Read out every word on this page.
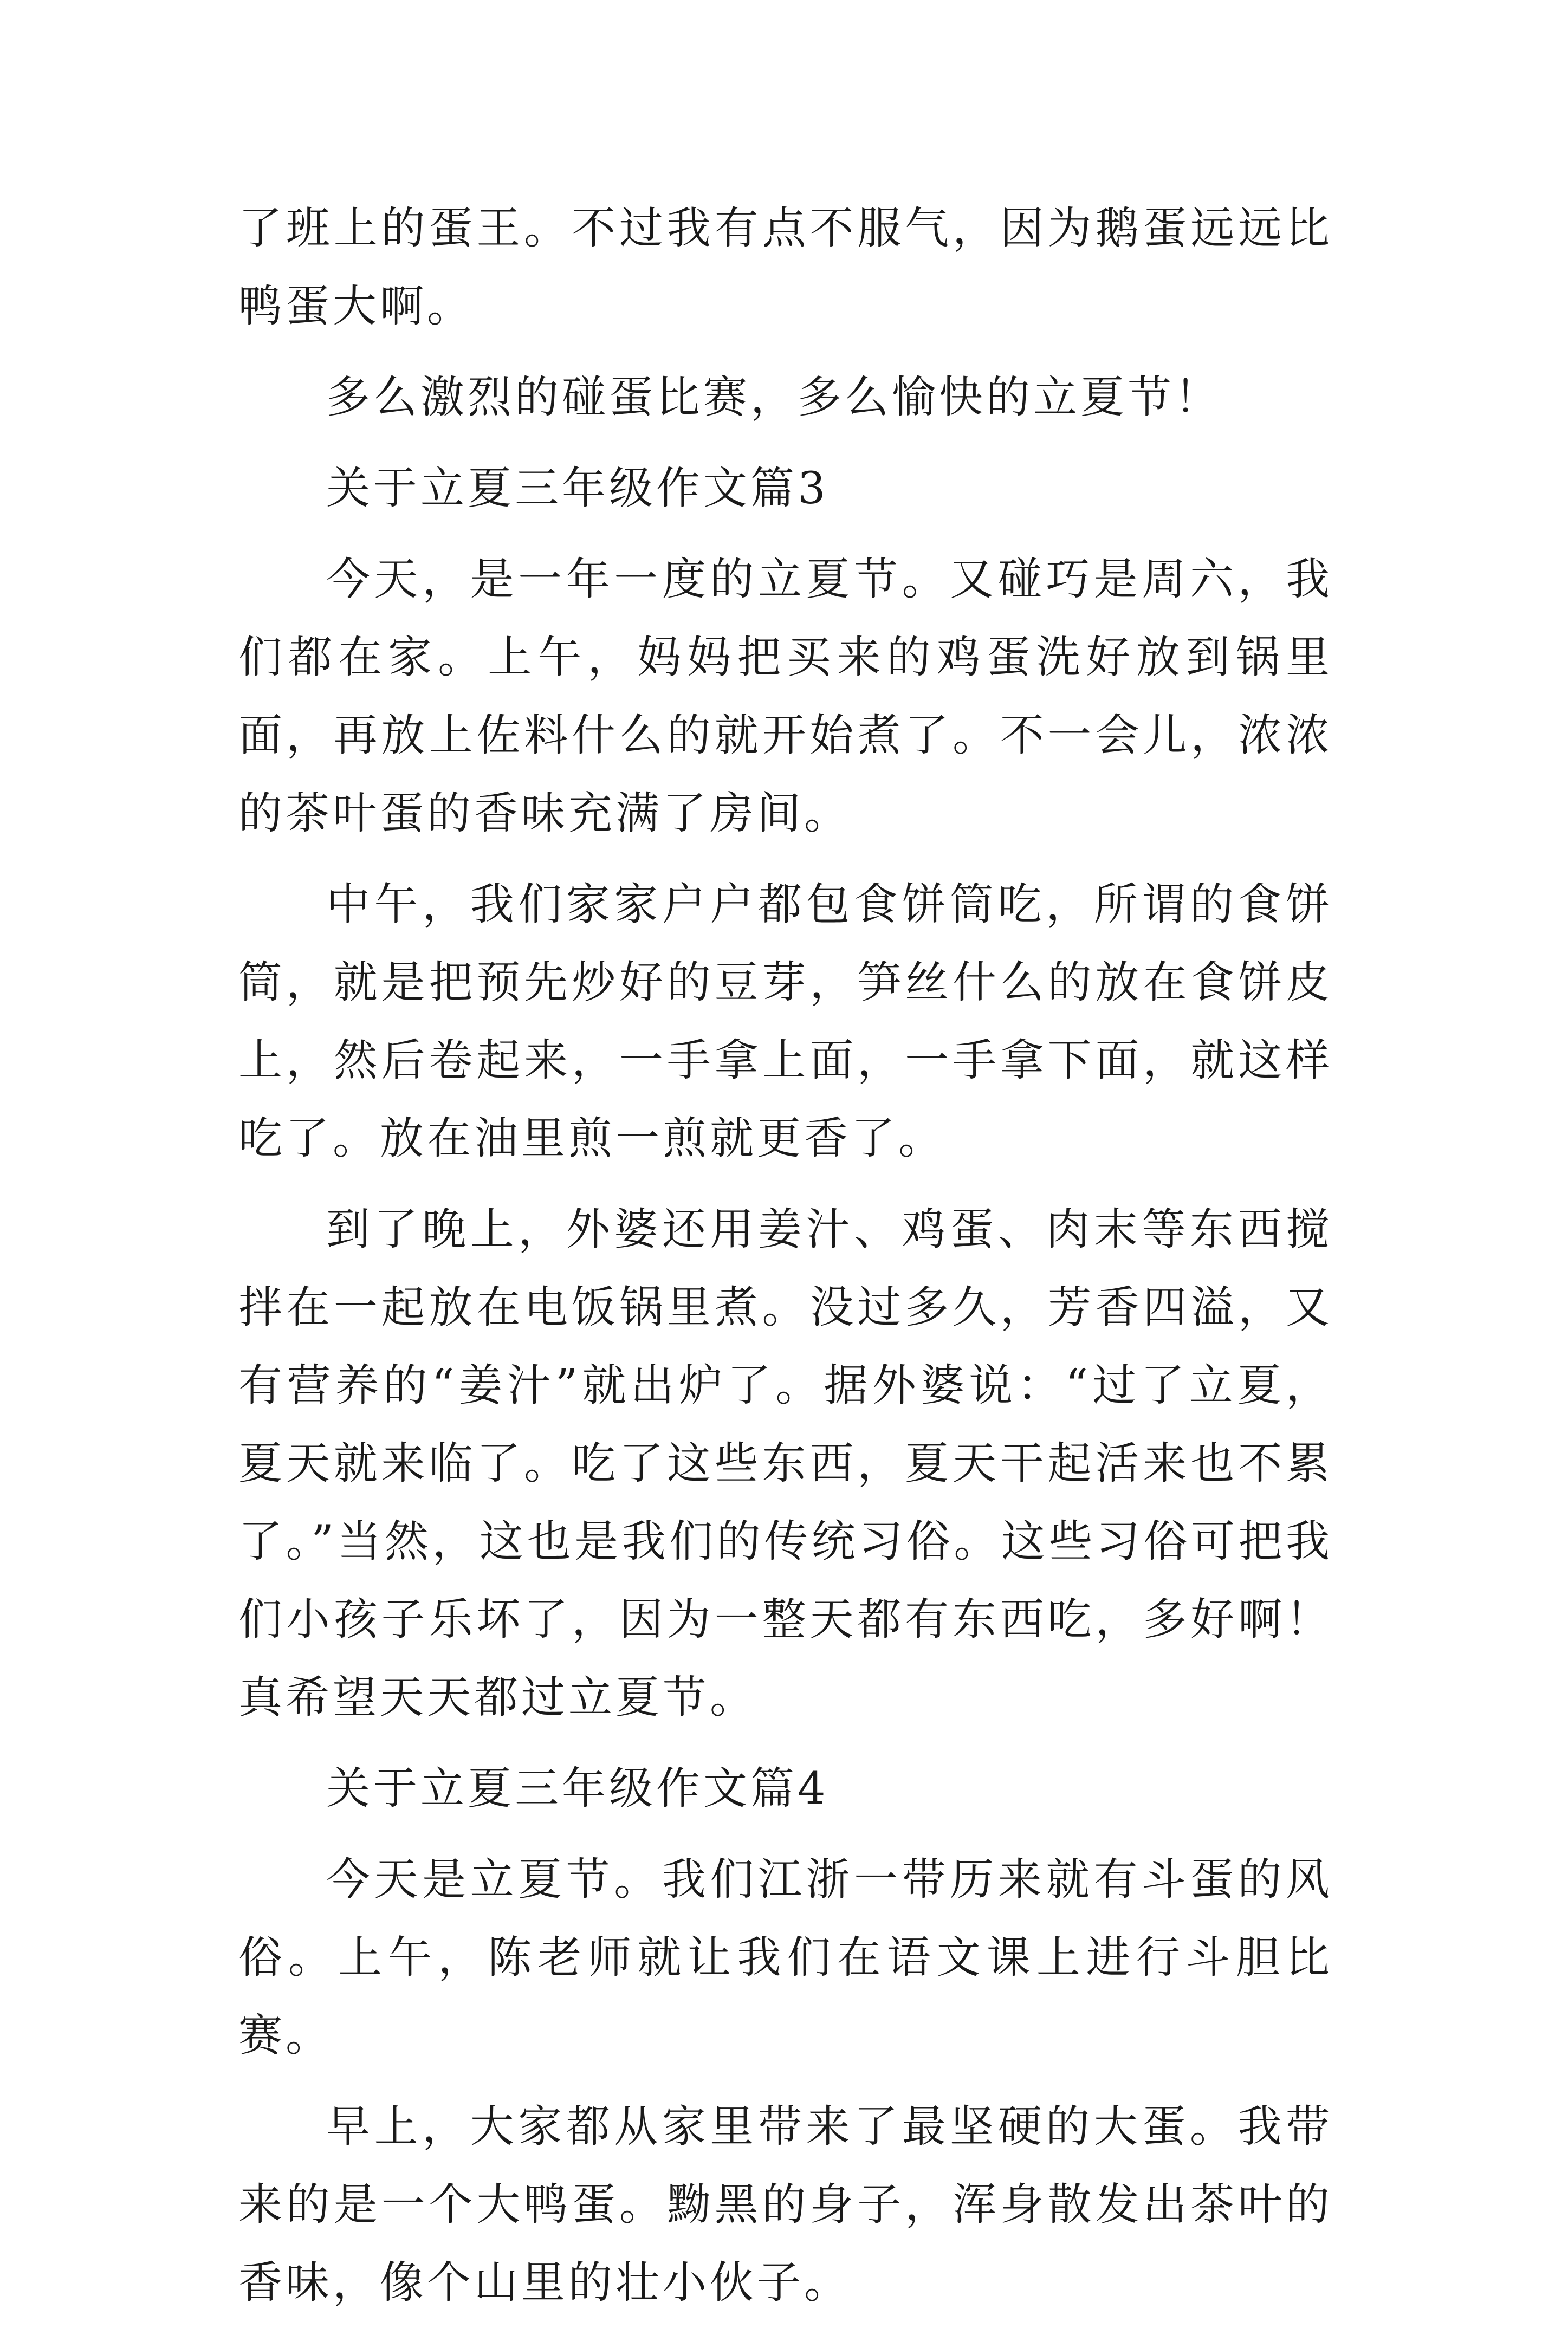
了班上的蛋王。不过我有点不服气，因为鹅蛋远远比鸭蛋大啊。

多么激烈的碰蛋比赛，多么愉快的立夏节！

关于立夏三年级作文篇3

今天，是一年一度的立夏节。又碰巧是周六，我们都在家。上午，妈妈把买来的鸡蛋洗好放到锅里面，再放上佐料什么的就开始煮了。不一会儿，浓浓的茶叶蛋的香味充满了房间。

中午，我们家家户户都包食饼筒吃，所谓的食饼筒，就是把预先炒好的豆芽，笋丝什么的放在食饼皮上，然后卷起来，一手拿上面，一手拿下面，就这样吃了。放在油里煎一煎就更香了。

到了晚上，外婆还用姜汁、鸡蛋、肉末等东西搅拌在一起放在电饭锅里煮。没过多久，芳香四溢，又有营养的“姜汁”就出炉了。据外婆说：“过了立夏，夏天就来临了。吃了这些东西，夏天干起活来也不累了。”当然，这也是我们的传统习俗。这些习俗可把我们小孩子乐坏了，因为一整天都有东西吃，多好啊！真希望天天都过立夏节。

关于立夏三年级作文篇4

今天是立夏节。我们江浙一带历来就有斗蛋的风俗。上午，陈老师就让我们在语文课上进行斗胆比赛。

早上，大家都从家里带来了最坚硬的大蛋。我带来的是一个大鸭蛋。黝黑的身子，浑身散发出茶叶的香味，像个山里的壮小伙子。
